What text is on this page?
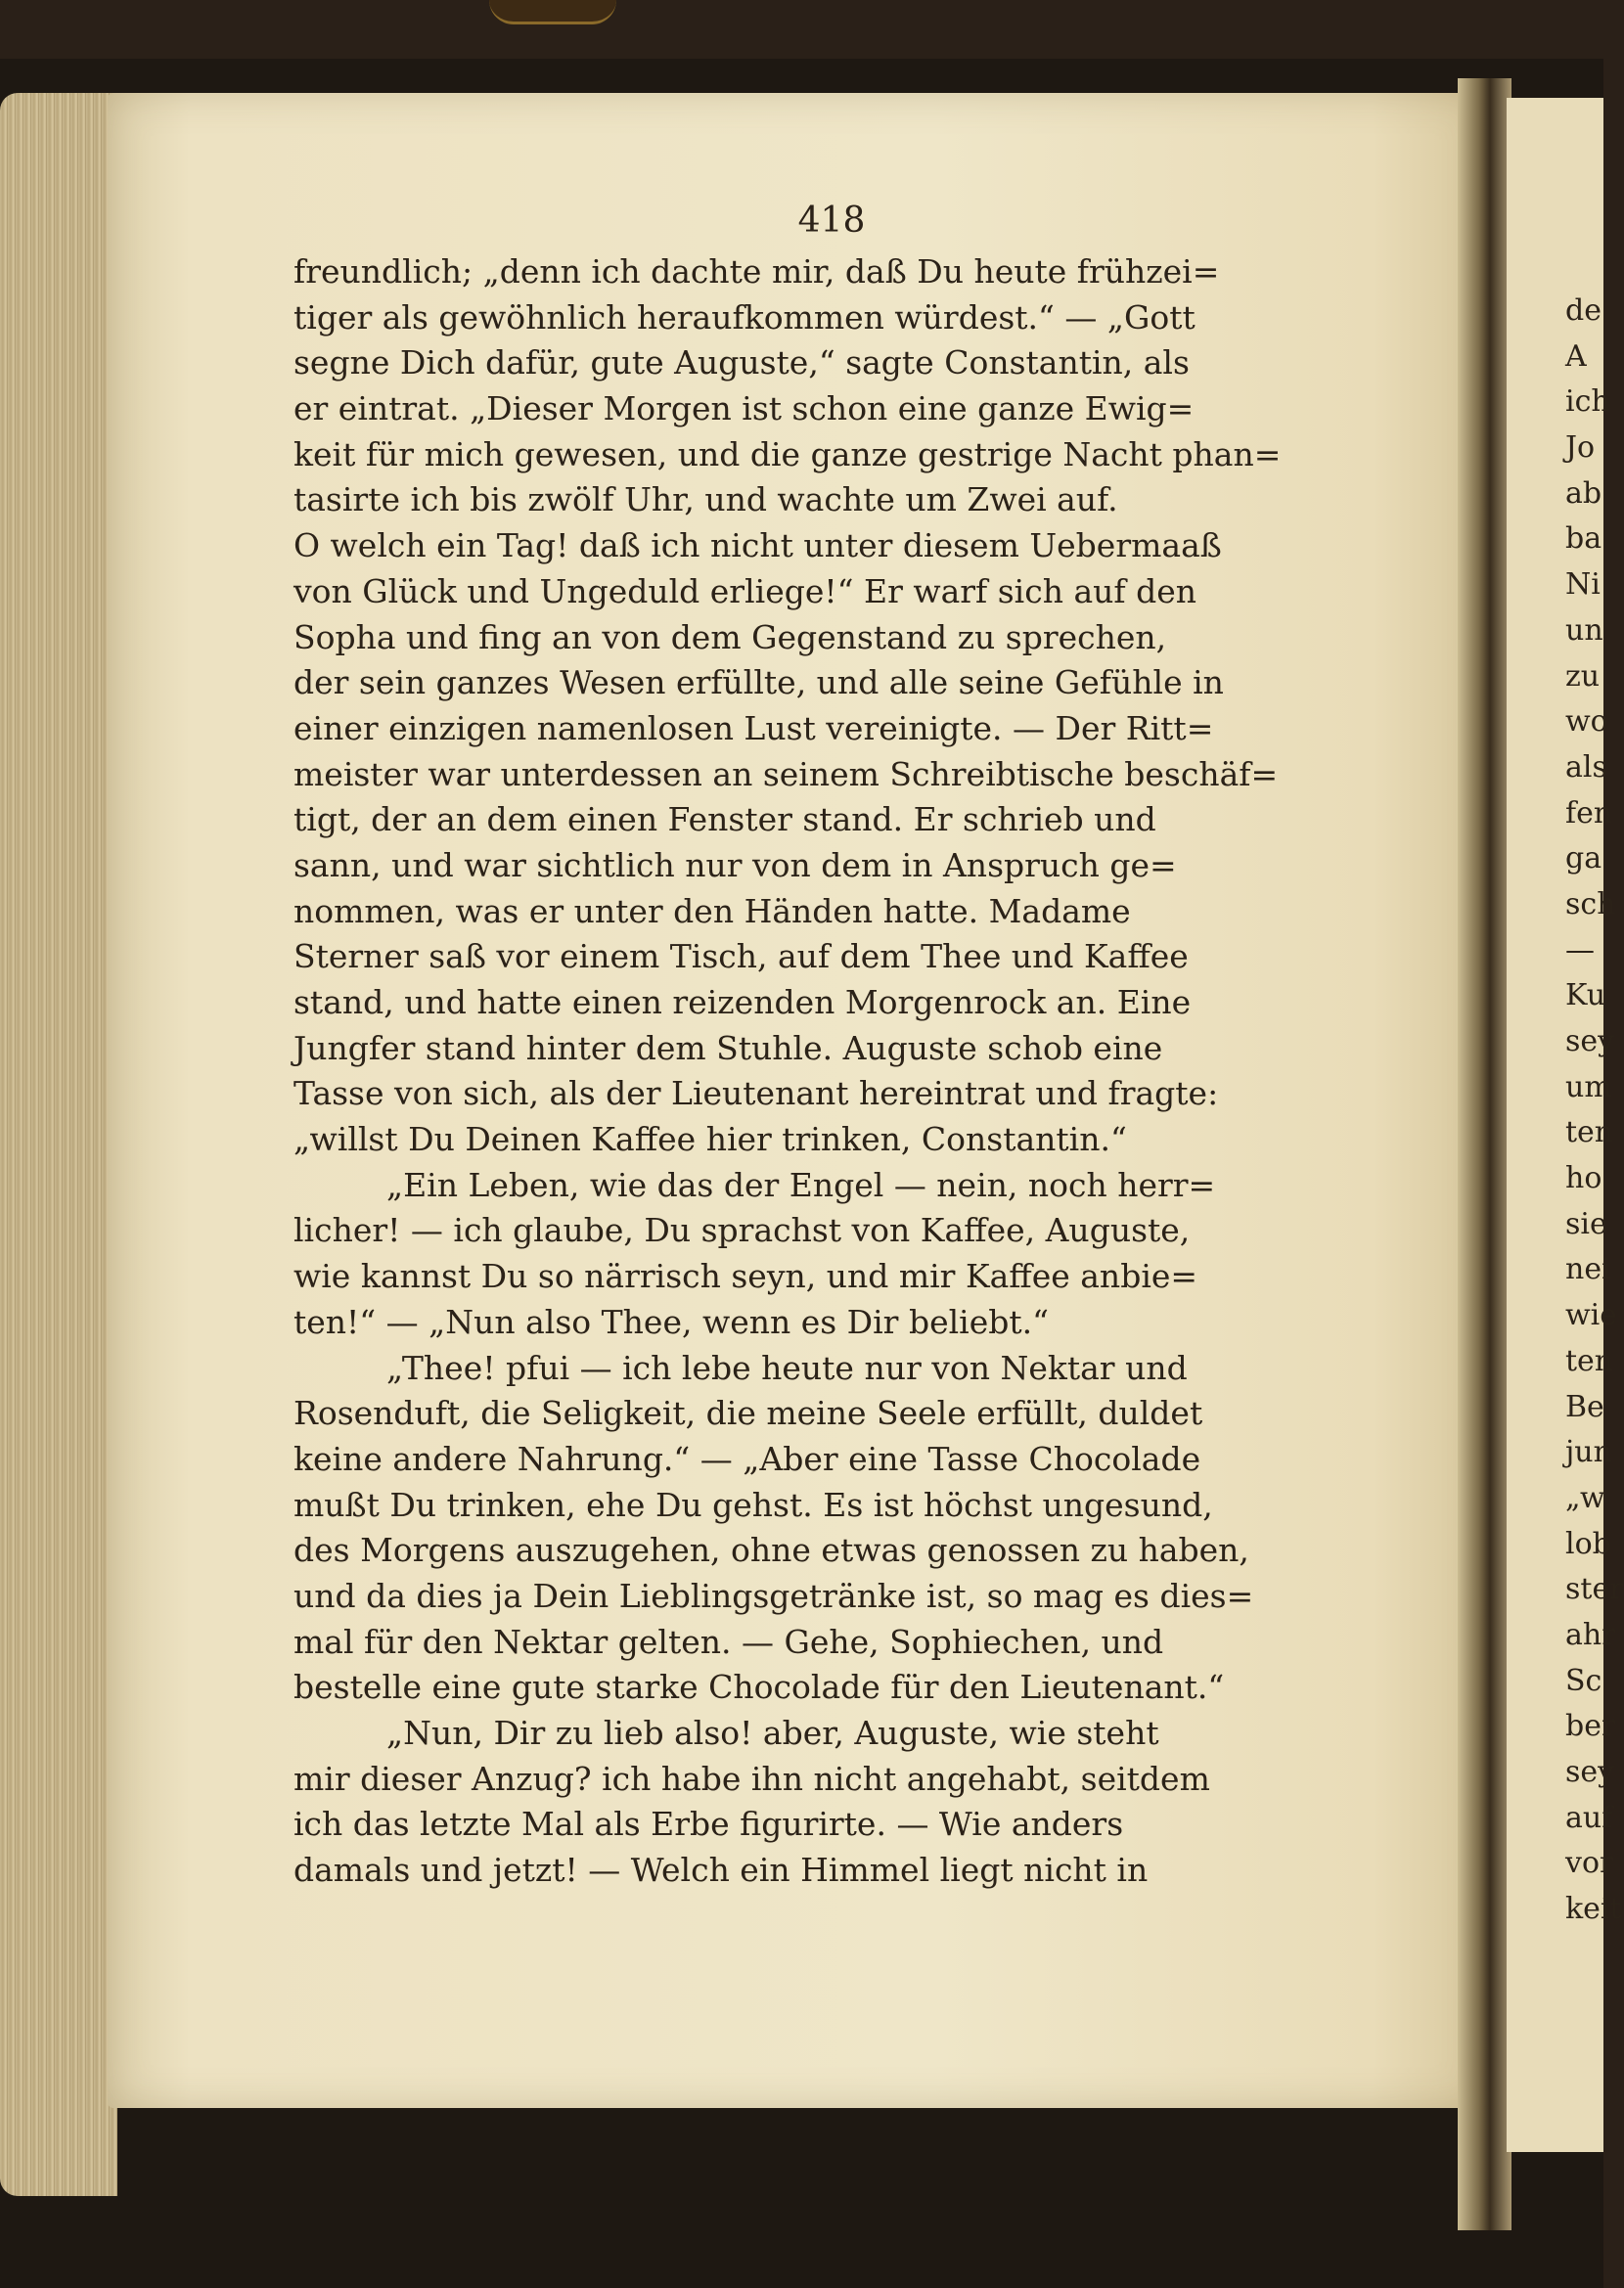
418
freundlich; „denn ich dachte mir, daß Du heute frühzei=
tiger als gewöhnlich heraufkommen würdest.“ — „Gott
segne Dich dafür, gute Auguste,“ sagte Constantin, als
er eintrat. „Dieser Morgen ist schon eine ganze Ewig=
keit für mich gewesen, und die ganze gestrige Nacht phan=
tasirte ich bis zwölf Uhr, und wachte um Zwei auf.
O welch ein Tag! daß ich nicht unter diesem Uebermaaß
von Glück und Ungeduld erliege!“ Er warf sich auf den
Sopha und fing an von dem Gegenstand zu sprechen,
der sein ganzes Wesen erfüllte, und alle seine Gefühle in
einer einzigen namenlosen Lust vereinigte. — Der Ritt=
meister war unterdessen an seinem Schreibtische beschäf=
tigt, der an dem einen Fenster stand. Er schrieb und
sann, und war sichtlich nur von dem in Anspruch ge=
nommen, was er unter den Händen hatte. Madame
Sterner saß vor einem Tisch, auf dem Thee und Kaffee
stand, und hatte einen reizenden Morgenrock an. Eine
Jungfer stand hinter dem Stuhle. Auguste schob eine
Tasse von sich, als der Lieutenant hereintrat und fragte:
„willst Du Deinen Kaffee hier trinken, Constantin.“
„Ein Leben, wie das der Engel — nein, noch herr=
licher! — ich glaube, Du sprachst von Kaffee, Auguste,
wie kannst Du so närrisch seyn, und mir Kaffee anbie=
ten!“ — „Nun also Thee, wenn es Dir beliebt.“
„Thee! pfui — ich lebe heute nur von Nektar und
Rosenduft, die Seligkeit, die meine Seele erfüllt, duldet
keine andere Nahrung.“ — „Aber eine Tasse Chocolade
mußt Du trinken, ehe Du gehst. Es ist höchst ungesund,
des Morgens auszugehen, ohne etwas genossen zu haben,
und da dies ja Dein Lieblingsgetränke ist, so mag es dies=
mal für den Nektar gelten. — Gehe, Sophiechen, und
bestelle eine gute starke Chocolade für den Lieutenant.“
„Nun, Dir zu lieb also! aber, Auguste, wie steht
mir dieser Anzug? ich habe ihn nicht angehabt, seitdem
ich das letzte Mal als Erbe figurirte. — Wie anders
damals und jetzt! — Welch ein Himmel liegt nicht in
de
A
ich
Jo
ab
ba
Ni
un
zu
wo
als
fen
ga
sch
—
Ku
sey
um
ten
ho
sie
nei
wie
ten
Be
jun
„w
lob
ster
ahr
Sc
ber
sey
auf
vor
keit
